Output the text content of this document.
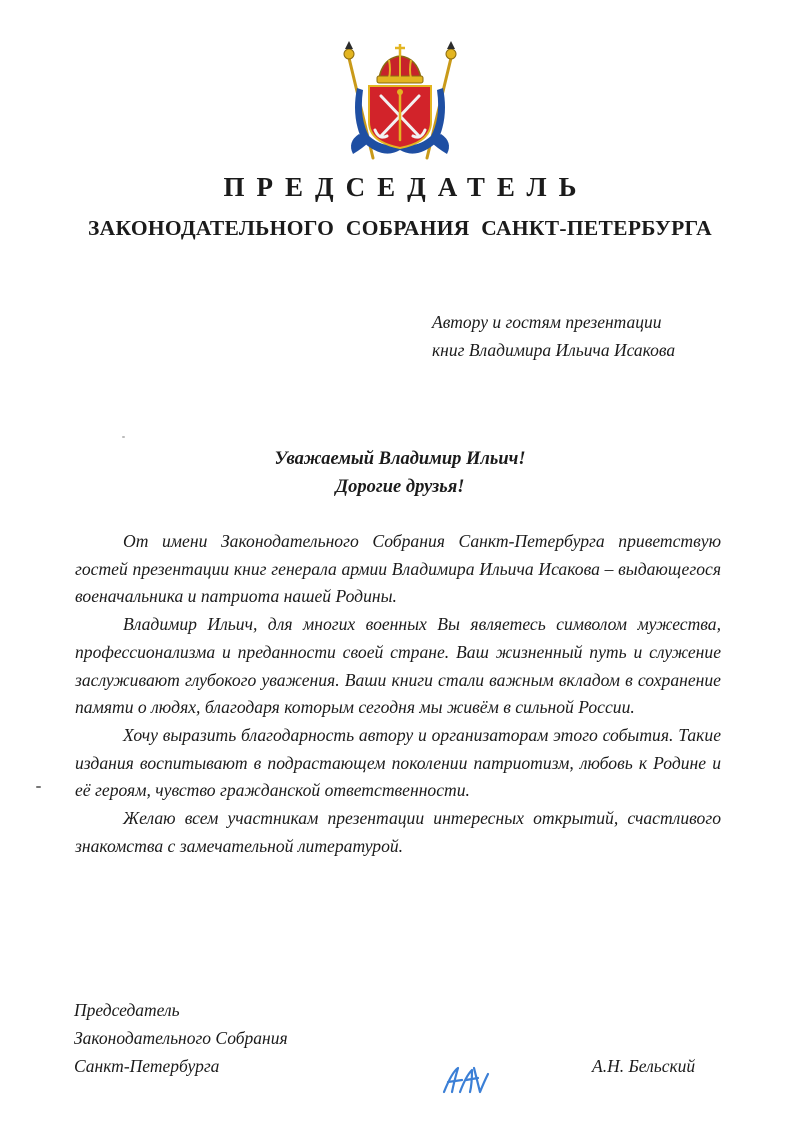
ПРЕДСЕДАТЕЛЬ
ЗАКОНОДАТЕЛЬНОГО СОБРАНИЯ САНКТ-ПЕТЕРБУРГА
Автору и гостям презентации
книг Владимира Ильича Исакова
Уважаемый Владимир Ильич!
Дорогие друзья!

От имени Законодательного Собрания Санкт-Петербурга приветствую гостей презентации книг генерала армии Владимира Ильича Исакова – выдающегося военачальника и патриота нашей Родины.

Владимир Ильич, для многих военных Вы являетесь символом мужества, профессионализма и преданности своей стране. Ваш жизненный путь и служение заслуживают глубокого уважения. Ваши книги стали важным вкладом в сохранение памяти о людях, благодаря которым сегодня мы живём в сильной России.

Хочу выразить благодарность автору и организаторам этого события. Такие издания воспитывают в подрастающем поколении патриотизм, любовь к Родине и её героям, чувство гражданской ответственности.

Желаю всем участникам презентации интересных открытий, счастливого знакомства с замечательной литературой.

Председатель
Законодательного Собрания
Санкт-Петербурга	А.Н. Бельский
